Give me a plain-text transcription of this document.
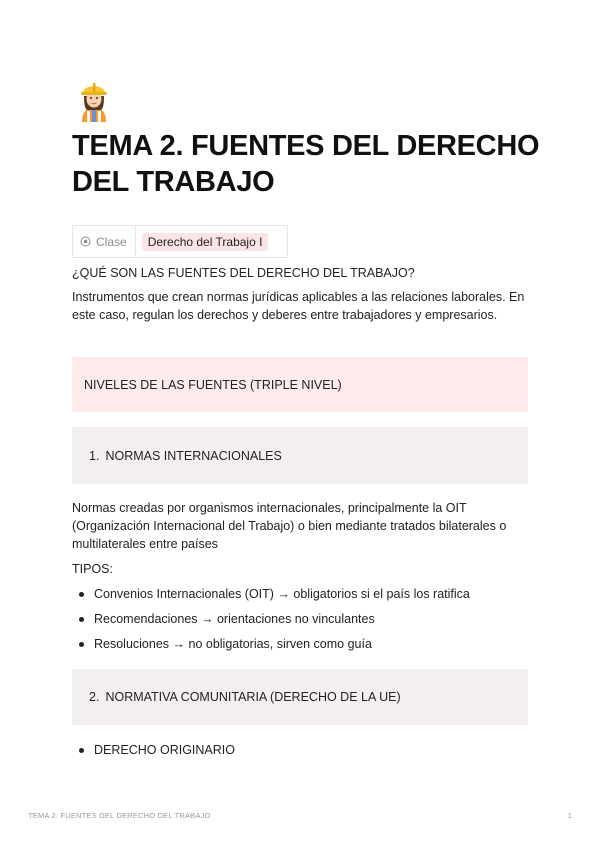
TEMA 2. FUENTES DEL DERECHO DEL TRABAJO
Clase	Derecho del Trabajo I

¿QUÉ SON LAS FUENTES DEL DERECHO DEL TRABAJO?

Instrumentos que crean normas jurídicas aplicables a las relaciones laborales. En este caso, regulan los derechos y deberes entre trabajadores y empresarios.

NIVELES DE LAS FUENTES (TRIPLE NIVEL)
1. NORMAS INTERNACIONALES

Normas creadas por organismos internacionales, principalmente la OIT (Organización Internacional del Trabajo) o bien mediante tratados bilaterales o multilaterales entre países

TIPOS:

Convenios Internacionales (OIT) → obligatorios si el país los ratifica
Recomendaciones → orientaciones no vinculantes
Resoluciones → no obligatorias, sirven como guía
2. NORMATIVA COMUNITARIA (DERECHO DE LA UE)
DERECHO ORIGINARIO
TEMA 2. FUENTES DEL DERECHO DEL TRABAJO	1
